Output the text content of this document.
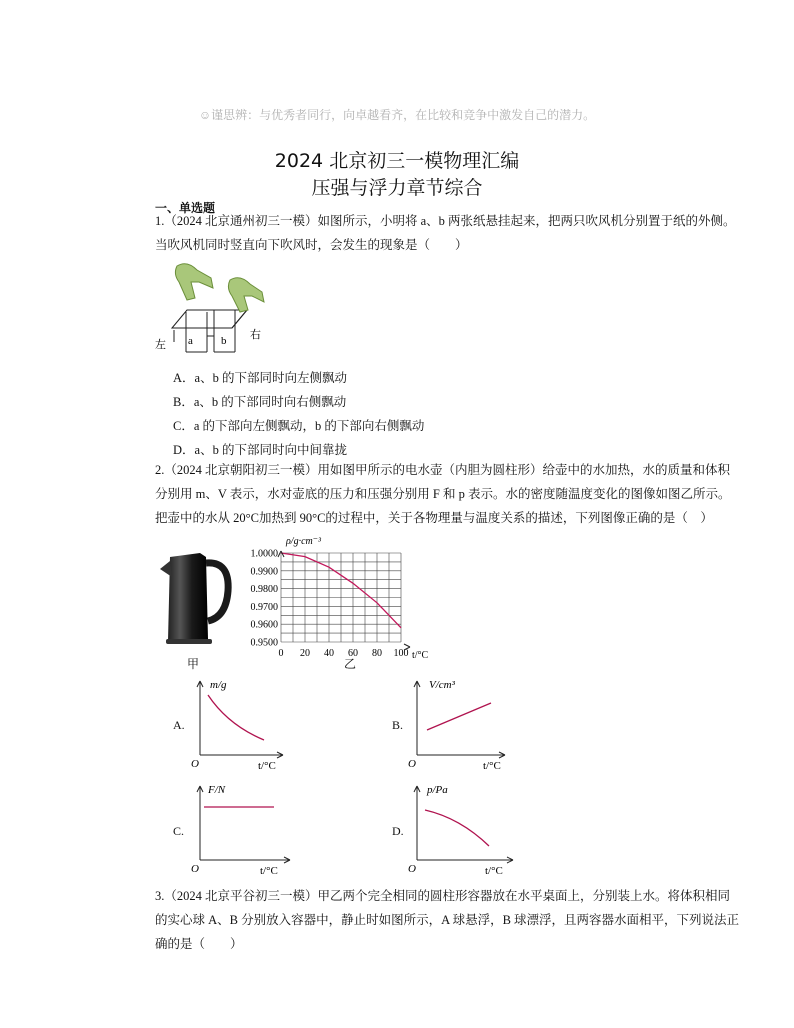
☺谨思辨：与优秀者同行，向卓越看齐，在比较和竞争中激发自己的潜力。
2024 北京初三一模物理汇编
压强与浮力章节综合
一、单选题
1.（2024 北京通州初三一模）如图所示，小明将 a、b 两张纸悬挂起来，把两只吹风机分别置于纸的外侧。
当吹风机同时竖直向下吹风时，会发生的现象是（　　）
a	b
左
右
A．a、b 的下部同时向左侧飘动
B．a、b 的下部同时向右侧飘动
C．a 的下部向左侧飘动，b 的下部向右侧飘动
D．a、b 的下部同时向中间靠拢
2.（2024 北京朝阳初三一模）用如图甲所示的电水壶（内胆为圆柱形）给壶中的水加热，水的质量和体积
分别用 m、V 表示，水对壶底的压力和压强分别用 F 和 p 表示。水的密度随温度变化的图像如图乙所示。
把壶中的水从 20°C加热到 90°C的过程中，关于各物理量与温度关系的描述，下列图像正确的是（　）
甲
1.0000
0.9900
0.9800
0.9700
0.9600
0.9500
0 20 40 60 80 100
ρ/g·cm⁻³
t/°C
乙
A.
m/g
O	t/°C
B.
V/cm³
O	t/°C
C.
F/N
O	t/°C
D.
p/Pa
O	t/°C
3.（2024 北京平谷初三一模）甲乙两个完全相同的圆柱形容器放在水平桌面上，分别装上水。将体积相同
的实心球 A、B 分别放入容器中，静止时如图所示，A 球悬浮，B 球漂浮，且两容器水面相平，下列说法正
确的是（　　）
